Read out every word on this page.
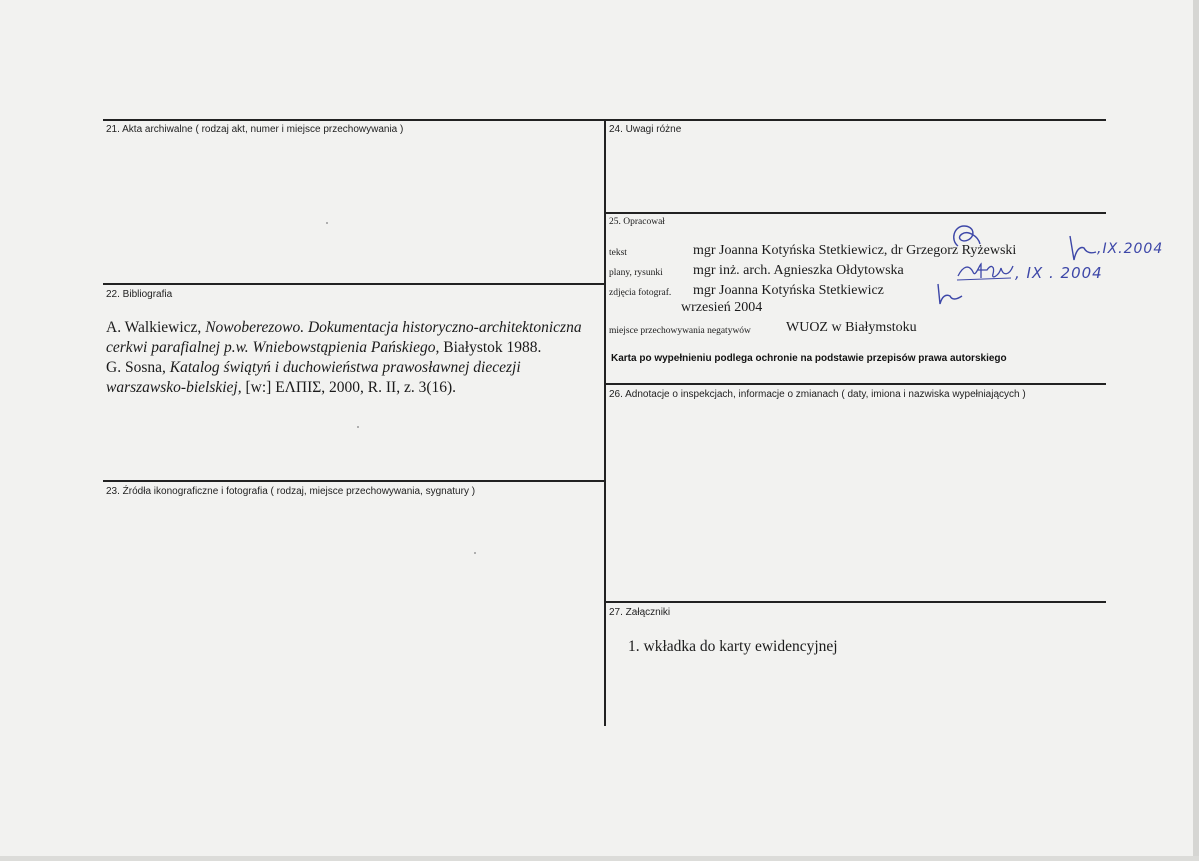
21. Akta archiwalne ( rodzaj akt, numer i miejsce przechowywania )
22. Bibliografia

A. Walkiewicz, Nowoberezowo. Dokumentacja historyczno-architektoniczna cerkwi parafialnej p.w. Wniebowstąpienia Pańskiego, Białystok 1988.

G. Sosna, Katalog świątyń i duchowieństwa prawosławnej diecezji warszawsko-bielskiej, [w:] ΕΛΠΙΣ, 2000, R. II, z. 3(16).

23. Źródła ikonograficzne i fotografia ( rodzaj, miejsce przechowywania, sygnatury )
24. Uwagi różne
25. Opracował
tekst	mgr Joanna Kotyńska Stetkiewicz, dr Grzegorz Ryżewski
plany, rysunki mgr inż. arch. Agnieszka Ołdytowska
zdjęcia fotograf. mgr Joanna Kotyńska Stetkiewicz
wrzesień 2004
miejsce przechowywania negatywów	WUOZ w Białymstoku
Karta po wypełnieniu podlega ochronie na podstawie przepisów prawa autorskiego
,IX.2004
, IX . 2004
26. Adnotacje o inspekcjach, informacje o zmianach ( daty, imiona i nazwiska wypełniających )
27. Załączniki
1. wkładka do karty ewidencyjnej
